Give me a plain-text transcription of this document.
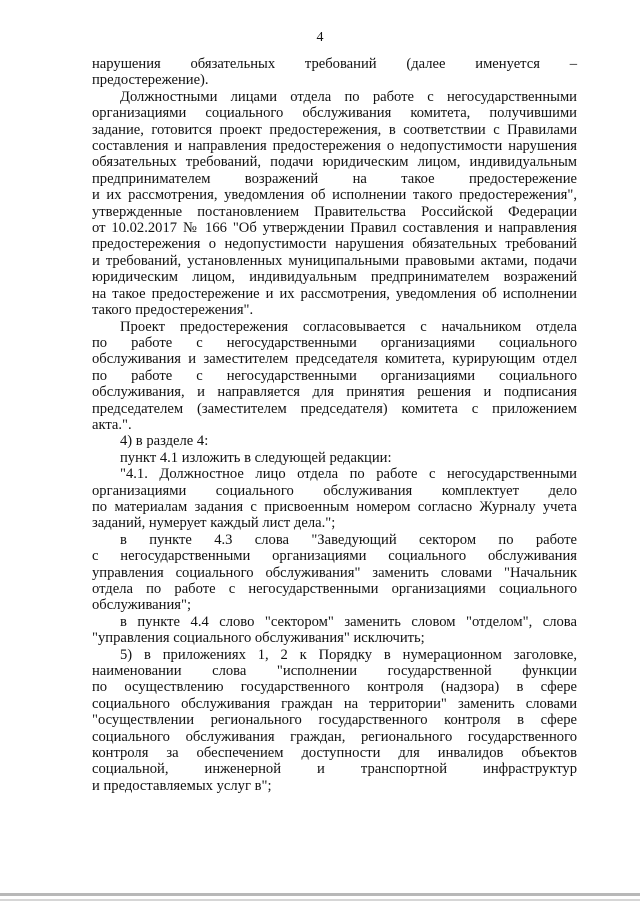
4
нарушения обязательных требований (далее именуется –
предостережение).
Должностными лицами отдела по работе с негосударственными
организациями социального обслуживания комитета, получившими
задание, готовится проект предостережения, в соответствии с Правилами
составления и направления предостережения о недопустимости нарушения
обязательных требований, подачи юридическим лицом, индивидуальным
предпринимателем возражений на такое предостережение
и их рассмотрения, уведомления об исполнении такого предостережения",
утвержденные постановлением Правительства Российской Федерации
от 10.02.2017 № 166 "Об утверждении Правил составления и направления
предостережения о недопустимости нарушения обязательных требований
и требований, установленных муниципальными правовыми актами, подачи
юридическим лицом, индивидуальным предпринимателем возражений
на такое предостережение и их рассмотрения, уведомления об исполнении
такого предостережения".
Проект предостережения согласовывается с начальником отдела
по работе с негосударственными организациями социального
обслуживания и заместителем председателя комитета, курирующим отдел
по работе с негосударственными организациями социального
обслуживания, и направляется для принятия решения и подписания
председателем (заместителем председателя) комитета с приложением
акта.".
4) в разделе 4:
пункт 4.1 изложить в следующей редакции:
"4.1. Должностное лицо отдела по работе с негосударственными
организациями социального обслуживания комплектует дело
по материалам задания с присвоенным номером согласно Журналу учета
заданий, нумерует каждый лист дела.";
в пункте 4.3 слова "Заведующий сектором по работе
с негосударственными организациями социального обслуживания
управления социального обслуживания" заменить словами "Начальник
отдела по работе с негосударственными организациями социального
обслуживания";
в пункте 4.4 слово "сектором" заменить словом "отделом", слова
"управления социального обслуживания" исключить;
5) в приложениях 1, 2 к Порядку в нумерационном заголовке,
наименовании слова "исполнении государственной функции
по осуществлению государственного контроля (надзора) в сфере
социального обслуживания граждан на территории" заменить словами
"осуществлении регионального государственного контроля в сфере
социального обслуживания граждан, регионального государственного
контроля за обеспечением доступности для инвалидов объектов
социальной, инженерной и транспортной инфраструктур
и предоставляемых услуг в";
